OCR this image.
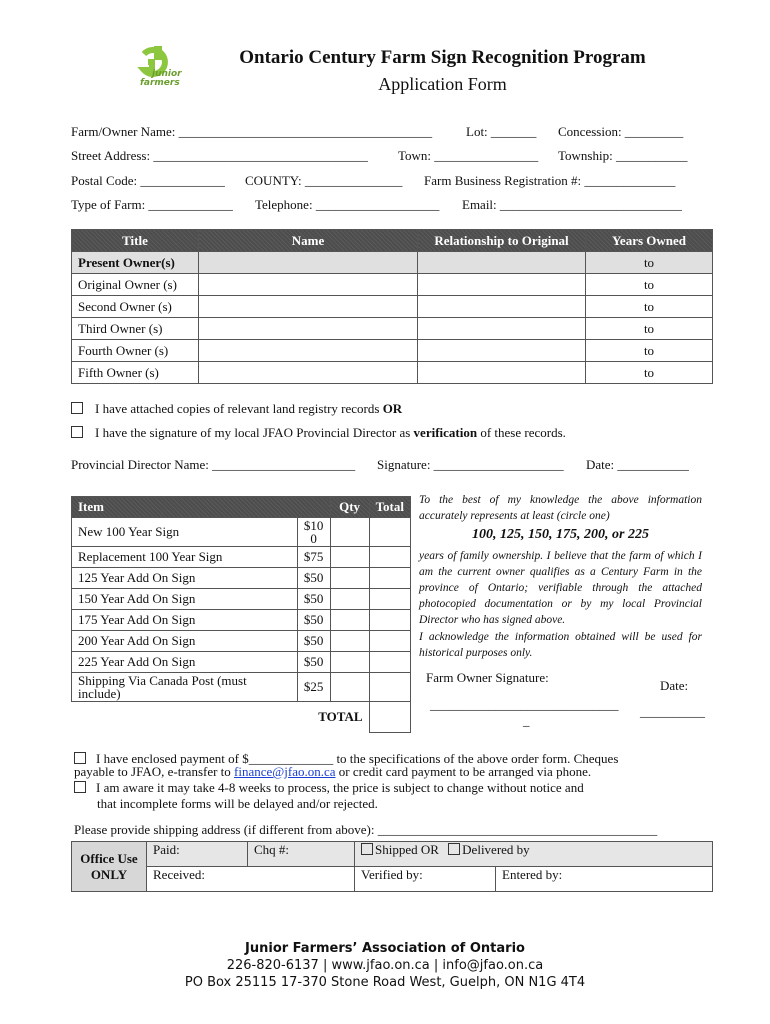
junior
farmers
Ontario Century Farm Sign Recognition Program
Application Form
Farm/Owner Name: _______________________________________	Lot: _______ Concession: _________
Street Address: _________________________________ Town: ________________ Township: ___________
Postal Code: _____________ COUNTY: _______________ Farm Business Registration #: ______________
Type of Farm: _____________ Telephone: ___________________ Email: ____________________________
Title	Name	Relationship to Original	Years Owned
Present Owner(s)			to
Original Owner (s)			to
Second Owner (s)			to
Third Owner (s)			to
Fourth Owner (s)			to
Fifth Owner (s)			to
I have attached copies of relevant land registry records OR
I have the signature of my local JFAO Provincial Director as verification of these records.
Provincial Director Name: ______________________ Signature: ____________________ Date: ___________
Item		Qty	Total
New 100 Year Sign	$100		
Replacement 100 Year Sign	$75		
125 Year Add On Sign	$50		
150 Year Add On Sign	$50		
175 Year Add On Sign	$50		
200 Year Add On Sign	$50		
225 Year Add On Sign	$50		
Shipping Via Canada Post (must include)	$25		
TOTAL			
To the best of my knowledge the above information accurately represents at least (circle one)
100, 125, 150, 175, 200, or 225
years of family ownership. I believe that the farm of which I am the current owner qualifies as a Century Farm in the province of Ontario; verifiable through the attached photocopied documentation or by my local Provincial Director who has signed above.
I acknowledge the information obtained will be used for historical purposes only.
Farm Owner Signature:
Date:
_____________________________
_
__________
I have enclosed payment of $_____________ to the specifications of the above order form. Cheques
payable to JFAO, e-transfer to finance@jfao.on.ca or credit card payment to be arranged via phone.
I am aware it may take 4-8 weeks to process, the price is subject to change without notice and
that incomplete forms will be delayed and/or rejected.
Please provide shipping address (if different from above): ___________________________________________
Office Use ONLY	Paid:	Chq #:	Shipped OR Delivered by	
	Received:		Verified by:	Entered by:
Junior Farmers’ Association of Ontario
226-820-6137 | www.jfao.on.ca | info@jfao.on.ca
PO Box 25115 17-370 Stone Road West, Guelph, ON N1G 4T4
